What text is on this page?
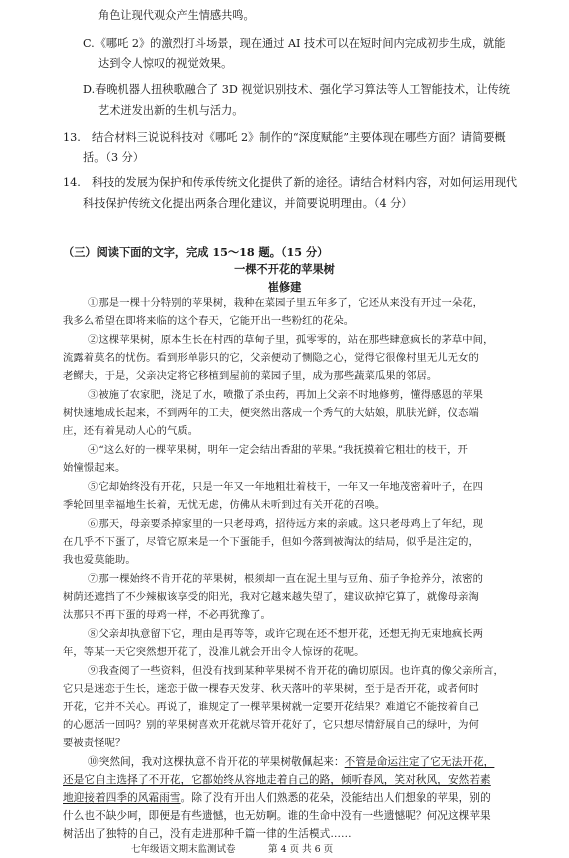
角色让现代观众产生情感共鸣。
C.《哪吒 2》的激烈打斗场景，现在通过 AI 技术可以在短时间内完成初步生成，就能
达到令人惊叹的视觉效果。
D.春晚机器人扭秧歌融合了 3D 视觉识别技术、强化学习算法等人工智能技术，让传统
艺术迸发出新的生机与活力。
13.　结合材料三说说科技对《哪吒 2》制作的“深度赋能”主要体现在哪些方面？请简要概
括。（3 分）
14.　科技的发展为保护和传承传统文化提供了新的途径。请结合材料内容，对如何运用现代
科技保护传统文化提出两条合理化建议，并简要说明理由。（4 分）
（三）阅读下面的文字，完成 15～18 题。（15 分）
一棵不开花的苹果树
崔修建
①那是一棵十分特别的苹果树，栽种在菜园子里五年多了，它还从来没有开过一朵花，
我多么希望在即将来临的这个春天，它能开出一些粉红的花朵。
②这棵苹果树，原本生长在村西的草甸子里，孤零零的，站在那些肆意疯长的茅草中间，
流露着莫名的忧伤。看到形单影只的它，父亲便动了恻隐之心，觉得它很像村里无儿无女的
老鳏夫，于是，父亲决定将它移植到屋前的菜园子里，成为那些蔬菜瓜果的邻居。
③被施了农家肥，浇足了水，喷撒了杀虫药，再加上父亲不时地修剪，懂得感恩的苹果
树快速地成长起来，不到两年的工夫，便突然出落成一个秀气的大姑娘，肌肤光鲜，仪态端
庄，还有着晃动人心的气质。
④“这么好的一棵苹果树，明年一定会结出香甜的苹果。”我抚摸着它粗壮的枝干，开
始憧憬起来。
⑤它却始终没有开花，只是一年又一年地粗壮着枝干，一年又一年地茂密着叶子，在四
季轮回里幸福地生长着，无忧无虑，仿佛从未听到过有关开花的召唤。
⑥那天，母亲要杀掉家里的一只老母鸡，招待远方来的亲戚。这只老母鸡上了年纪，现
在几乎不下蛋了，尽管它原来是一个下蛋能手，但如今落到被淘汰的结局，似乎是注定的，
我也爱莫能助。
⑦那一棵始终不肯开花的苹果树，根须却一直在泥土里与豆角、茄子争抢养分，浓密的
树荫还遮挡了不少辣椒该享受的阳光，我对它越来越失望了，建议砍掉它算了，就像母亲淘
汰那只不再下蛋的母鸡一样，不必再犹豫了。
⑧父亲却执意留下它，理由是再等等，或许它现在还不想开花，还想无拘无束地疯长两
年，等某一天它突然想开花了，没准儿就会开出令人惊讶的花呢。
⑨我查阅了一些资料，但没有找到某种苹果树不肯开花的确切原因。也许真的像父亲所言，
它只是迷恋于生长，迷恋于做一棵春天发芽、秋天落叶的苹果树，至于是否开花，或者何时
开花，它并不关心。再说了，谁规定了一棵苹果树就一定要开花结果？难道它不能按着自己
的心愿活一回吗？别的苹果树喜欢开花就尽管开花好了，它只想尽情舒展自己的绿叶，为何
要被责怪呢？
⑩突然间，我对这棵执意不肯开花的苹果树敬佩起来：不管是命运注定了它无法开花，
还是它自主选择了不开花，它都始终从容地走着自己的路，倾听春风，笑对秋风，安然若素
地迎接着四季的风霜雨雪。除了没有开出人们熟悉的花朵，没能结出人们想象的苹果，别的
什么也不缺少呵，即便是有些遗憾，也无妨啊。谁的生命中没有一些遗憾呢？何况这棵苹果
树活出了独特的自己，没有走进那种千篇一律的生活模式……
七年级语文期末监测试卷	第 4 页 共 6 页
